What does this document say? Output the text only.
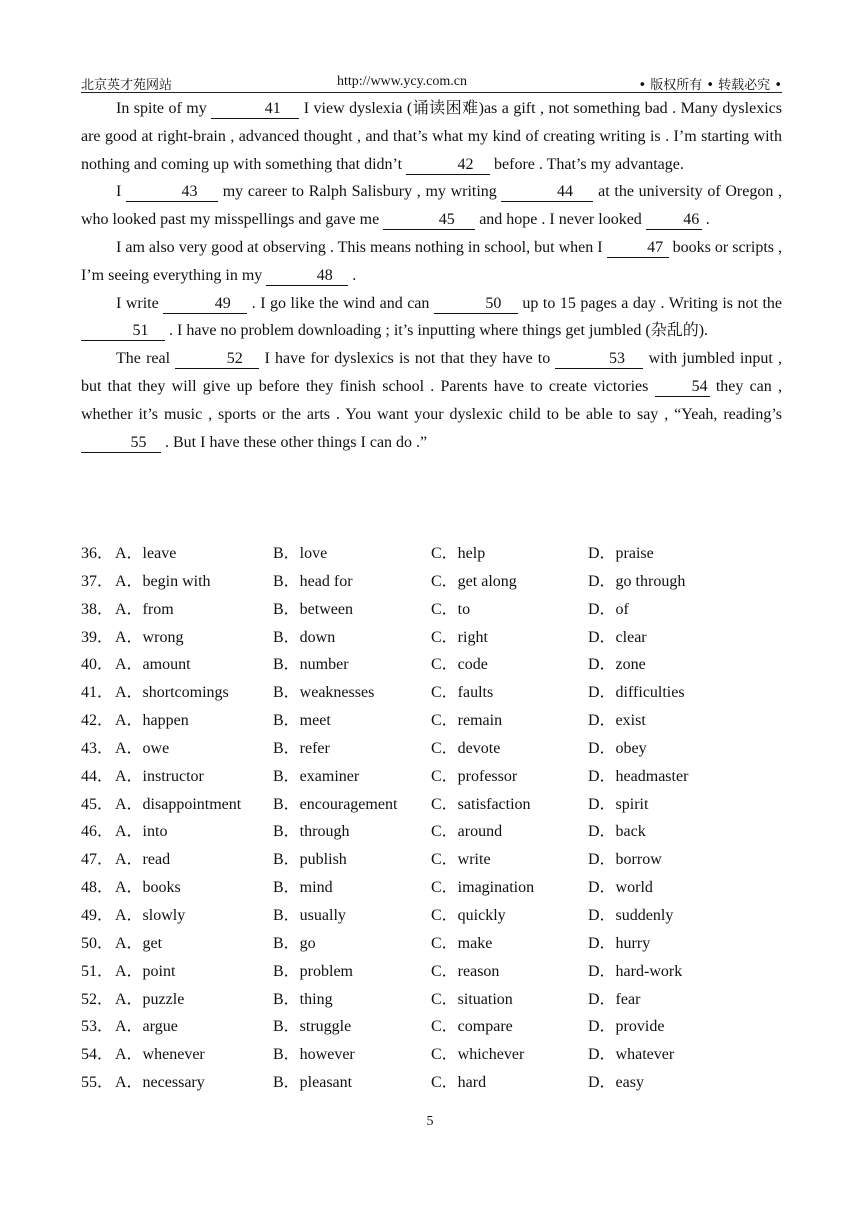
北京英才苑网站	http://www.ycy.com.cn	• 版权所有 • 转载必究 •

In spite of my	41 I view dyslexia (诵读困难)as a gift , not something bad . Many dyslexics are good at right-brain , advanced thought , and that’s what my kind of creating writing is . I’m starting with nothing and coming up with something that didn’t	42 before . That’s my advantage.

I	43 my career to Ralph Salisbury , my writing	44 at the university of Oregon , who looked past my misspellings and gave me	45 and hope . I never looked 46 .

I am also very good at observing . This means nothing in school, but when I	47 books or scripts , I’m seeing everything in my	48 .

I write	49 . I go like the wind and can	50 up to 15 pages a day . Writing is not the 51 . I have no problem downloading ; it’s inputting where things get jumbled (杂乱的).

The real	52 I have for dyslexics is not that they have to	53 with jumbled input , but that they will give up before they finish school . Parents have to create victories 54 they can , whether it’s music , sports or the arts . You want your dyslexic child to be able to say , “Yeah, reading’s 55 . But I have these other things I can do .”

36． A．leave	B．love	C．help	D．praise
37． A．begin with	B．head for	C．get along	D．go through
38． A．from	B．between	C．to	D．of
39． A．wrong	B．down	C．right	D．clear
40． A．amount	B．number	C．code	D．zone
41． A．shortcomings	B．weaknesses	C．faults	D．difficulties
42． A．happen	B．meet	C．remain	D．exist
43． A．owe	B．refer	C．devote	D．obey
44． A．instructor	B．examiner	C．professor	D．headmaster
45． A．disappointment B．encouragement C．satisfaction	D．spirit
46． A．into	B．through	C．around	D．back
47． A．read	B．publish	C．write	D．borrow
48． A．books	B．mind	C．imagination	D．world
49． A．slowly	B．usually	C．quickly	D．suddenly
50． A．get	B．go	C．make	D．hurry
51． A．point	B．problem	C．reason	D．hard-work
52． A．puzzle	B．thing	C．situation	D．fear
53． A．argue	B．struggle	C．compare	D．provide
54． A．whenever	B．however	C．whichever	D．whatever
55． A．necessary	B．pleasant	C．hard	D．easy
5
